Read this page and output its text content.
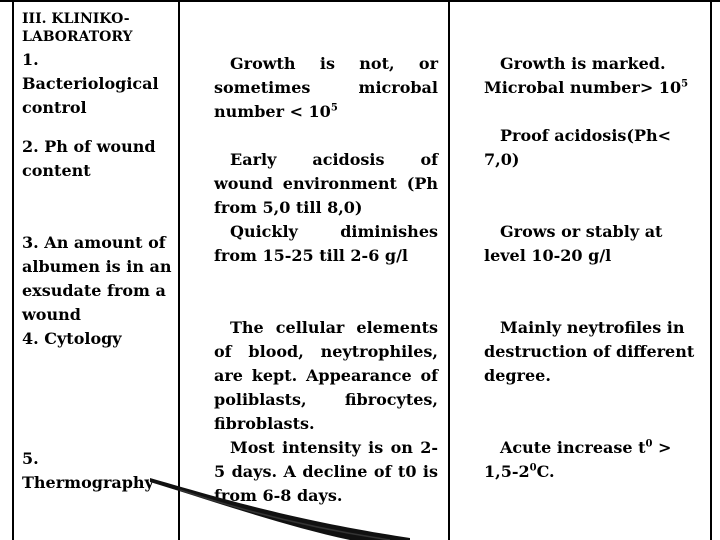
III. KLINIKO-LABORATORY
1. Bacteriological control
2. Ph of wound content
3. An amount of albumen is in an exsudate from a wound
4. Cytology
5. Thermography
Growth is not, or sometimes microbal number < $10^5$
Early acidosis of wound environment (Ph from 5,0 till 8,0)
Quickly diminishes from 15-25 till 2-6 g/l
The cellular elements of blood, neytrophiles, are kept. Appearance of poliblasts, fibrocytes, fibroblasts.
Most intensity is on 2-5 days. A decline of t0 is from 6-8 days.
Growth is marked.
Microbal number> $10^5$
Proof acidosis(Ph< 7,0)
Grows or stably at level 10-20 g/l
Mainly neytrofiles in destruction of different degree.
Acute increase $t^0 > 1,5-2^0C$.
